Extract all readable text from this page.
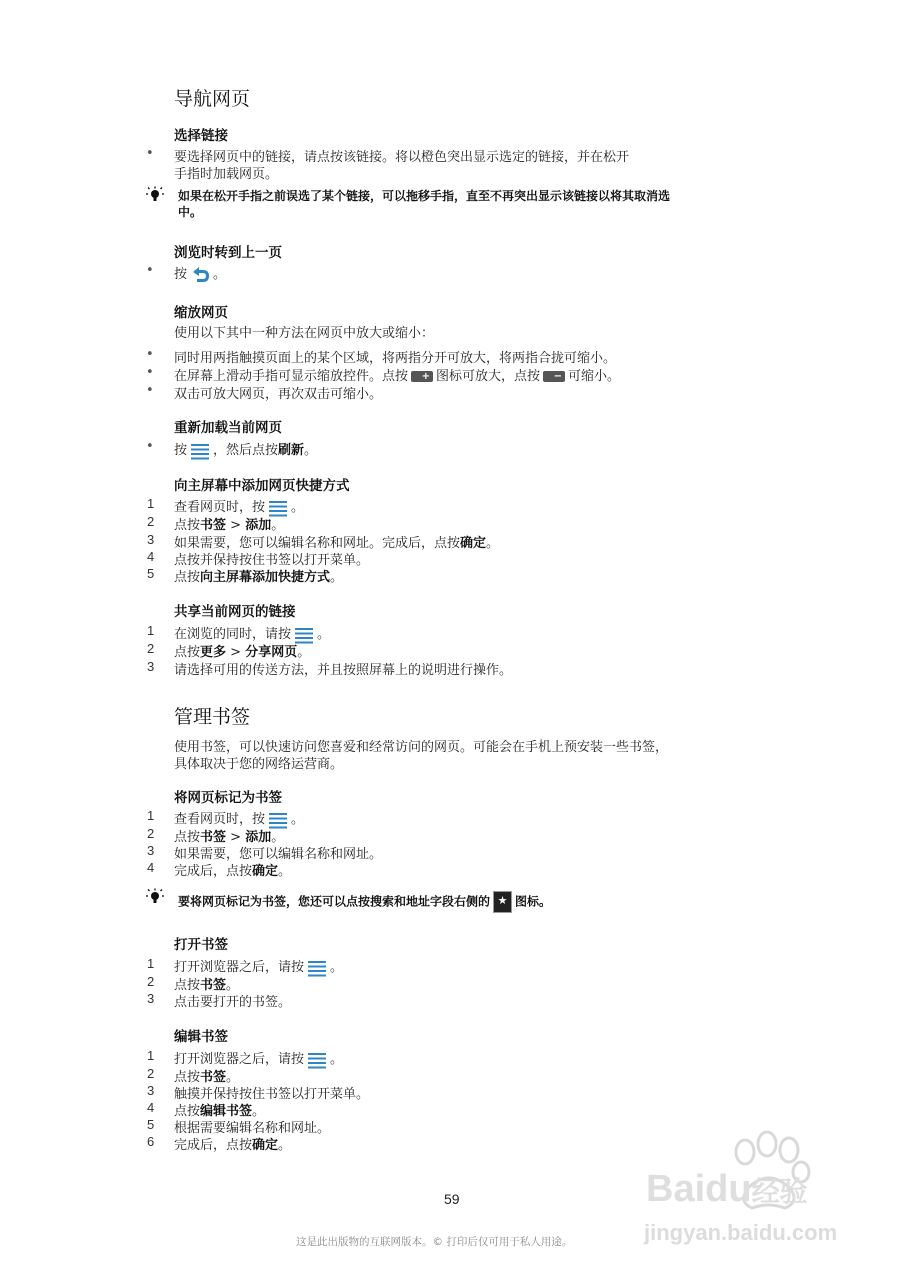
导航网页
选择链接
• 要选择网页中的链接，请点按该链接。将以橙色突出显示选定的链接，并在松开
手指时加载网页。
如果在松开手指之前误选了某个链接，可以拖移手指，直至不再突出显示该链接以将其取消选
中。
浏览时转到上一页
• 按 。
缩放网页
使用以下其中一种方法在网页中放大或缩小：
• 同时用两指触摸页面上的某个区域，将两指分开可放大，将两指合拢可缩小。
• 在屏幕上滑动手指可显示缩放控件。点按 + 图标可放大，点按 − 可缩小。
• 双击可放大网页，再次双击可缩小。
重新加载当前网页
• 按 ，然后点按刷新。
向主屏幕中添加网页快捷方式
1 查看网页时，按 。
2 点按书签 > 添加。
3 如果需要，您可以编辑名称和网址。完成后，点按确定。
4 点按并保持按住书签以打开菜单。
5 点按向主屏幕添加快捷方式。
共享当前网页的链接
1 在浏览的同时，请按 。
2 点按更多 > 分享网页。
3 请选择可用的传送方法，并且按照屏幕上的说明进行操作。
管理书签
使用书签，可以快速访问您喜爱和经常访问的网页。可能会在手机上预安装一些书签，
具体取决于您的网络运营商。
将网页标记为书签
1 查看网页时，按 。
2 点按书签 > 添加。
3 如果需要，您可以编辑名称和网址。
4 完成后，点按确定。
要将网页标记为书签，您还可以点按搜索和地址字段右侧的 ★ 图标。
打开书签
1 打开浏览器之后，请按 。
2 点按书签。
3 点击要打开的书签。
编辑书签
1 打开浏览器之后，请按 。
2 点按书签。
3 触摸并保持按住书签以打开菜单。
4 点按编辑书签。
5 根据需要编辑名称和网址。
6 完成后，点按确定。
Baidu经验
jingyan.baidu.com
59
这是此出版物的互联网版本。© 打印后仅可用于私人用途。
